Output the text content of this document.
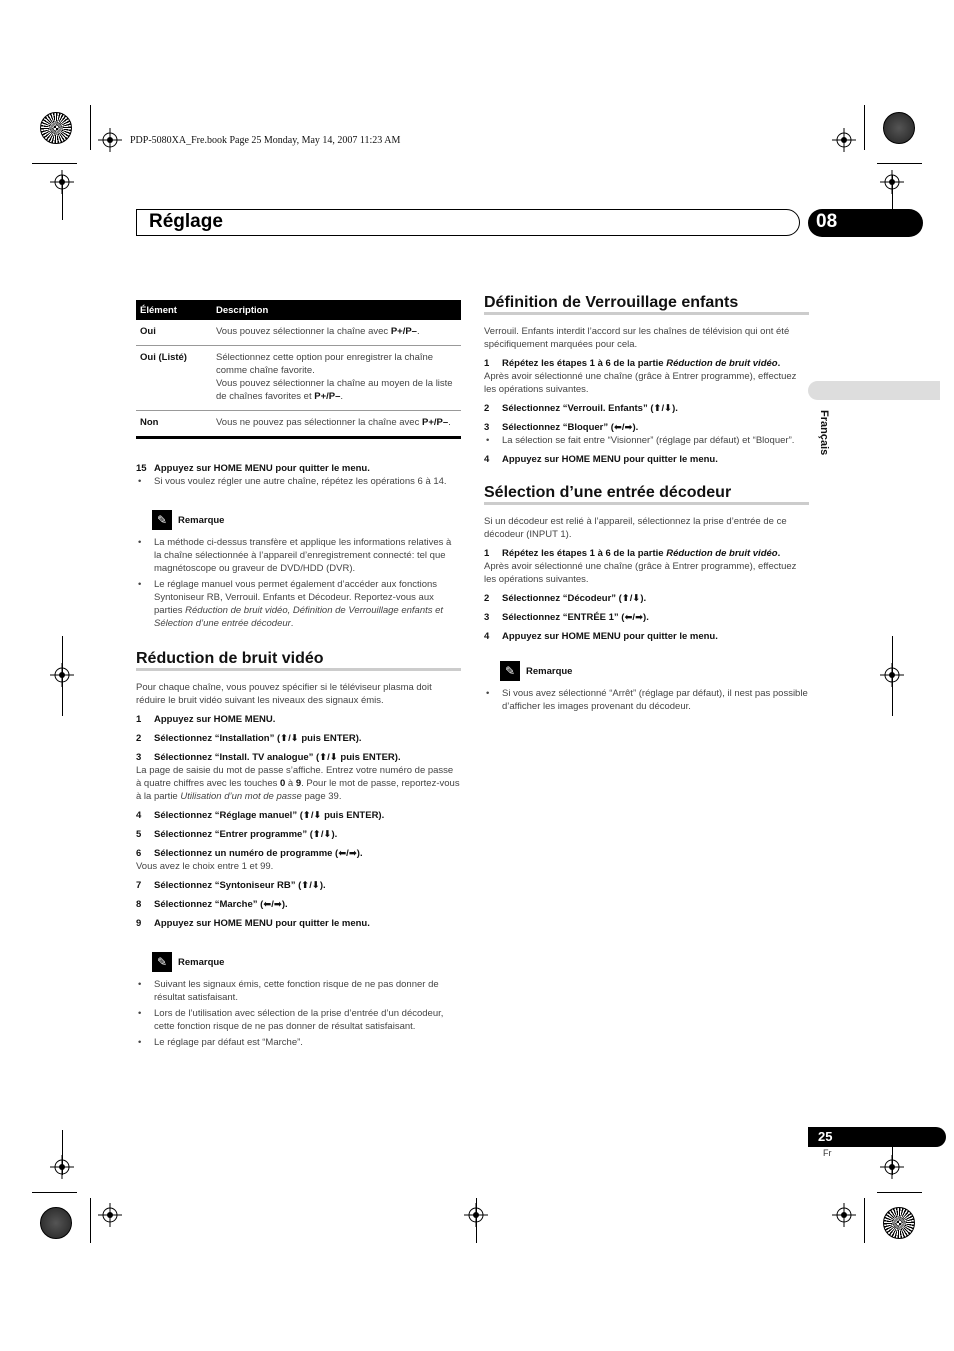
PDP-5080XA_Fre.book Page 25 Monday, May 14, 2007 11:23 AM
Réglage	08
Français
Élément	Description
Oui	Vous pouvez sélectionner la chaîne avec P+/P–.
Oui (Listé)	Sélectionnez cette option pour enregistrer la chaîne comme chaîne favorite.
Vous pouvez sélectionner la chaîne au moyen de la liste de chaînes favorites et P+/P–.
Non	Vous ne pouvez pas sélectionner la chaîne avec P+/P–.
15 Appuyez sur HOME MENU pour quitter le menu.
• Si vous voulez régler une autre chaîne, répétez les opérations 6 à 14.
✎	Remarque
• La méthode ci-dessus transfère et applique les informations relatives à la chaîne sélectionnée à l’appareil d’enregistrement connecté: tel que magnétoscope ou graveur de DVD/HDD (DVR).
• Le réglage manuel vous permet également d’accéder aux fonctions Syntoniseur RB, Verrouil. Enfants et Décodeur. Reportez-vous aux parties Réduction de bruit vidéo, Définition de Verrouillage enfants et Sélection d’une entrée décodeur.
Réduction de bruit vidéo
Pour chaque chaîne, vous pouvez spécifier si le téléviseur plasma doit réduire le bruit vidéo suivant les niveaux des signaux émis.
1 Appuyez sur HOME MENU.
2 Sélectionnez “Installation” (⬆/⬇ puis ENTER).
3 Sélectionnez “Install. TV analogue” (⬆/⬇ puis ENTER).
La page de saisie du mot de passe s’affiche. Entrez votre numéro de passe à quatre chiffres avec les touches 0 à 9. Pour le mot de passe, reportez-vous à la partie Utilisation d’un mot de passe page 39.
4 Sélectionnez “Réglage manuel” (⬆/⬇ puis ENTER).
5 Sélectionnez “Entrer programme” (⬆/⬇).
6 Sélectionnez un numéro de programme (⬅/➡).
Vous avez le choix entre 1 et 99.
7 Sélectionnez “Syntoniseur RB” (⬆/⬇).
8 Sélectionnez “Marche” (⬅/➡).
9 Appuyez sur HOME MENU pour quitter le menu.
✎	Remarque
• Suivant les signaux émis, cette fonction risque de ne pas donner de résultat satisfaisant.
• Lors de l’utilisation avec sélection de la prise d’entrée d’un décodeur, cette fonction risque de ne pas donner de résultat satisfaisant.
• Le réglage par défaut est “Marche”.
Définition de Verrouillage enfants
Verrouil. Enfants interdit l’accord sur les chaînes de télévision qui ont été spécifiquement marquées pour cela.
1 Répétez les étapes 1 à 6 de la partie Réduction de bruit vidéo.
Après avoir sélectionné une chaîne (grâce à Entrer programme), effectuez les opérations suivantes.
2 Sélectionnez “Verrouil. Enfants” (⬆/⬇).
3 Sélectionnez “Bloquer” (⬅/➡).
• La sélection se fait entre “Visionner” (réglage par défaut) et “Bloquer”.
4 Appuyez sur HOME MENU pour quitter le menu.
Sélection d’une entrée décodeur
Si un décodeur est relié à l’appareil, sélectionnez la prise d’entrée de ce décodeur (INPUT 1).
1 Répétez les étapes 1 à 6 de la partie Réduction de bruit vidéo.
Après avoir sélectionné une chaîne (grâce à Entrer programme), effectuez les opérations suivantes.
2 Sélectionnez “Décodeur” (⬆/⬇).
3 Sélectionnez “ENTRÉE 1” (⬅/➡).
4 Appuyez sur HOME MENU pour quitter le menu.
✎	Remarque
• Si vous avez sélectionné “Arrêt” (réglage par défaut), il nest pas possible d’afficher les images provenant du décodeur.
25
Fr
